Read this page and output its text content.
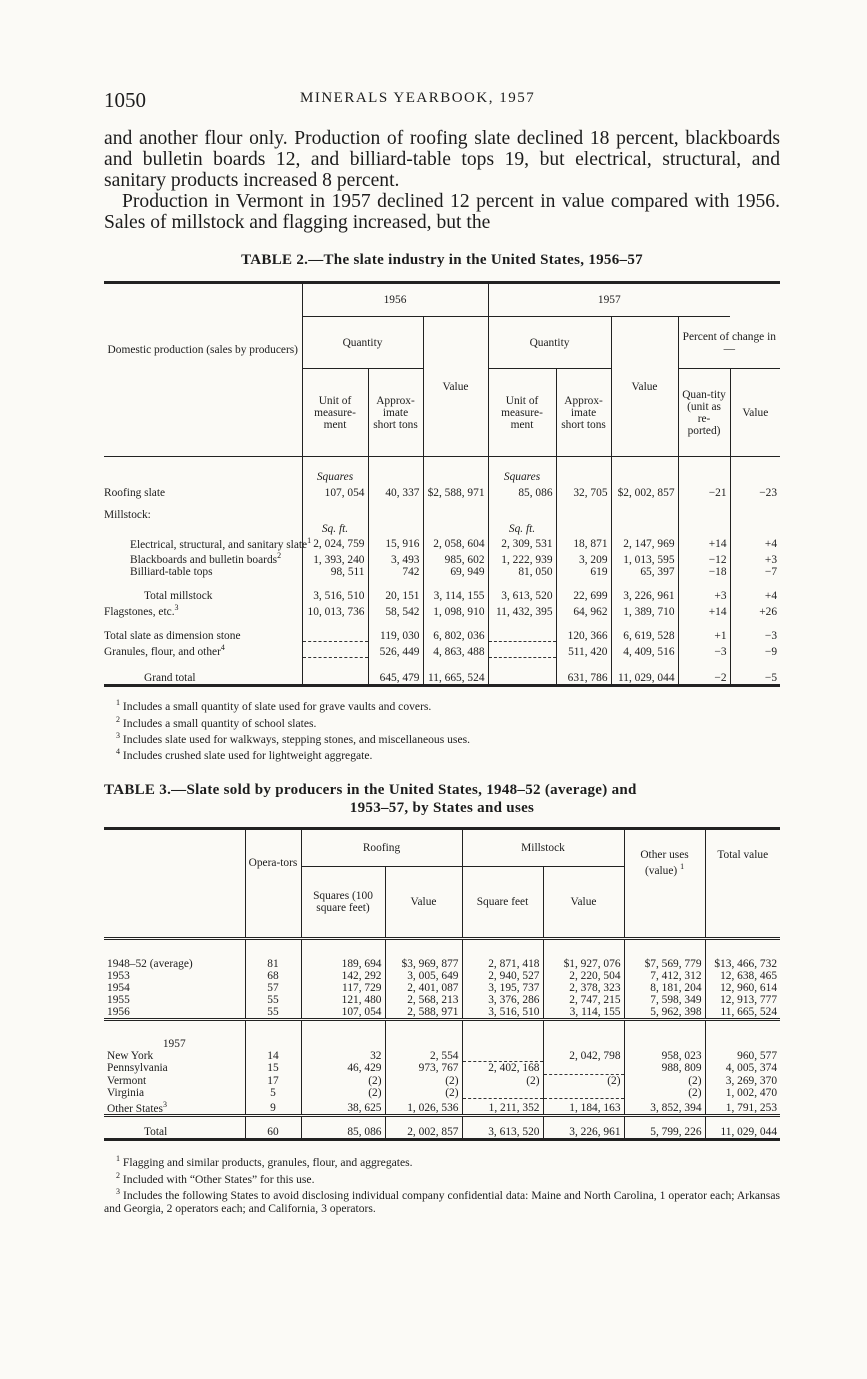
1050	MINERALS YEARBOOK, 1957

and another flour only. Production of roofing slate declined 18 percent, blackboards and bulletin boards 12, and billiard-table tops 19, but electrical, structural, and sanitary products increased 8 percent.

Production in Vermont in 1957 declined 12 percent in value compared with 1956. Sales of millstock and flagging increased, but the

TABLE 2.—The slate industry in the United States, 1956–57

Domestic production (sales by producers)	1956			1957				
	Quantity		Value	Quantity		Value	Percent of change in—	
	Unit of measure-ment	Approx-imate short tons		Unit of measure-ment	Approx-imate short tons		Quan-tity (unit as re-ported)	Value
	Squares			Squares				
Roofing slate	107, 054	40, 337	$2, 588, 971	85, 086	32, 705	$2, 002, 857	−21	−23
Millstock:								
	Sq. ft.			Sq. ft.				
Electrical, structural, and sanitary slate$^1$	2, 024, 759	15, 916	2, 058, 604	2, 309, 531	18, 871	2, 147, 969	+14	+4
Blackboards and bulletin boards$^2$	1, 393, 240	3, 493	985, 602	1, 222, 939	3, 209	1, 013, 595	−12	+3
Billiard-table tops	98, 511	742	69, 949	81, 050	619	65, 397	−18	−7
Total millstock	3, 516, 510	20, 151	3, 114, 155	3, 613, 520	22, 699	3, 226, 961	+3	+4
Flagstones, etc.$^3$	10, 013, 736	58, 542	1, 098, 910	11, 432, 395	64, 962	1, 389, 710	+14	+26
Total slate as dimension stone		119, 030	6, 802, 036		120, 366	6, 619, 528	+1	−3
Granules, flour, and other$^4$		526, 449	4, 863, 488		511, 420	4, 409, 516	−3	−9
Grand total		645, 479	11, 665, 524		631, 786	11, 029, 044	−2	−5

$^1$ Includes a small quantity of slate used for grave vaults and covers.

$^2$ Includes a small quantity of school slates.

$^3$ Includes slate used for walkways, stepping stones, and miscellaneous uses.

$^4$ Includes crushed slate used for lightweight aggregate.

TABLE 3.—Slate sold by producers in the United States, 1948–52 (average) and

1953–57, by States and uses

	Opera-tors	Roofing		Millstock		Other uses (value) $^1$	Total value
		Squares (100 square feet)	Value	Square feet	Value		

1948–52 (average)	81	189, 694	$3, 969, 877	2, 871, 418	$1, 927, 076	$7, 569, 779	$13, 466, 732
1953	68	142, 292	3, 005, 649	2, 940, 527	2, 220, 504	7, 412, 312	12, 638, 465
1954	57	117, 729	2, 401, 087	3, 195, 737	2, 378, 323	8, 181, 204	12, 960, 614
1955	55	121, 480	2, 568, 213	3, 376, 286	2, 747, 215	7, 598, 349	12, 913, 777
1956	55	107, 054	2, 588, 971	3, 516, 510	3, 114, 155	5, 962, 398	11, 665, 524
1957							
New York	14	32	2, 554		2, 042, 798	958, 023	960, 577
Pennsylvania	15	46, 429	973, 767	2, 402, 168		988, 809	4, 005, 374
Vermont	17	(2)	(2)	(2)	(2)	(2)	3, 269, 370
Virginia	5	(2)	(2)			(2)	1, 002, 470
Other States$^3$	9	38, 625	1, 026, 536	1, 211, 352	1, 184, 163	3, 852, 394	1, 791, 253
Total	60	85, 086	2, 002, 857	3, 613, 520	3, 226, 961	5, 799, 226	11, 029, 044

$^1$ Flagging and similar products, granules, flour, and aggregates.

$^2$ Included with “Other States” for this use.

$^3$ Includes the following States to avoid disclosing individual company confidential data: Maine and North Carolina, 1 operator each; Arkansas and Georgia, 2 operators each; and California, 3 operators.
